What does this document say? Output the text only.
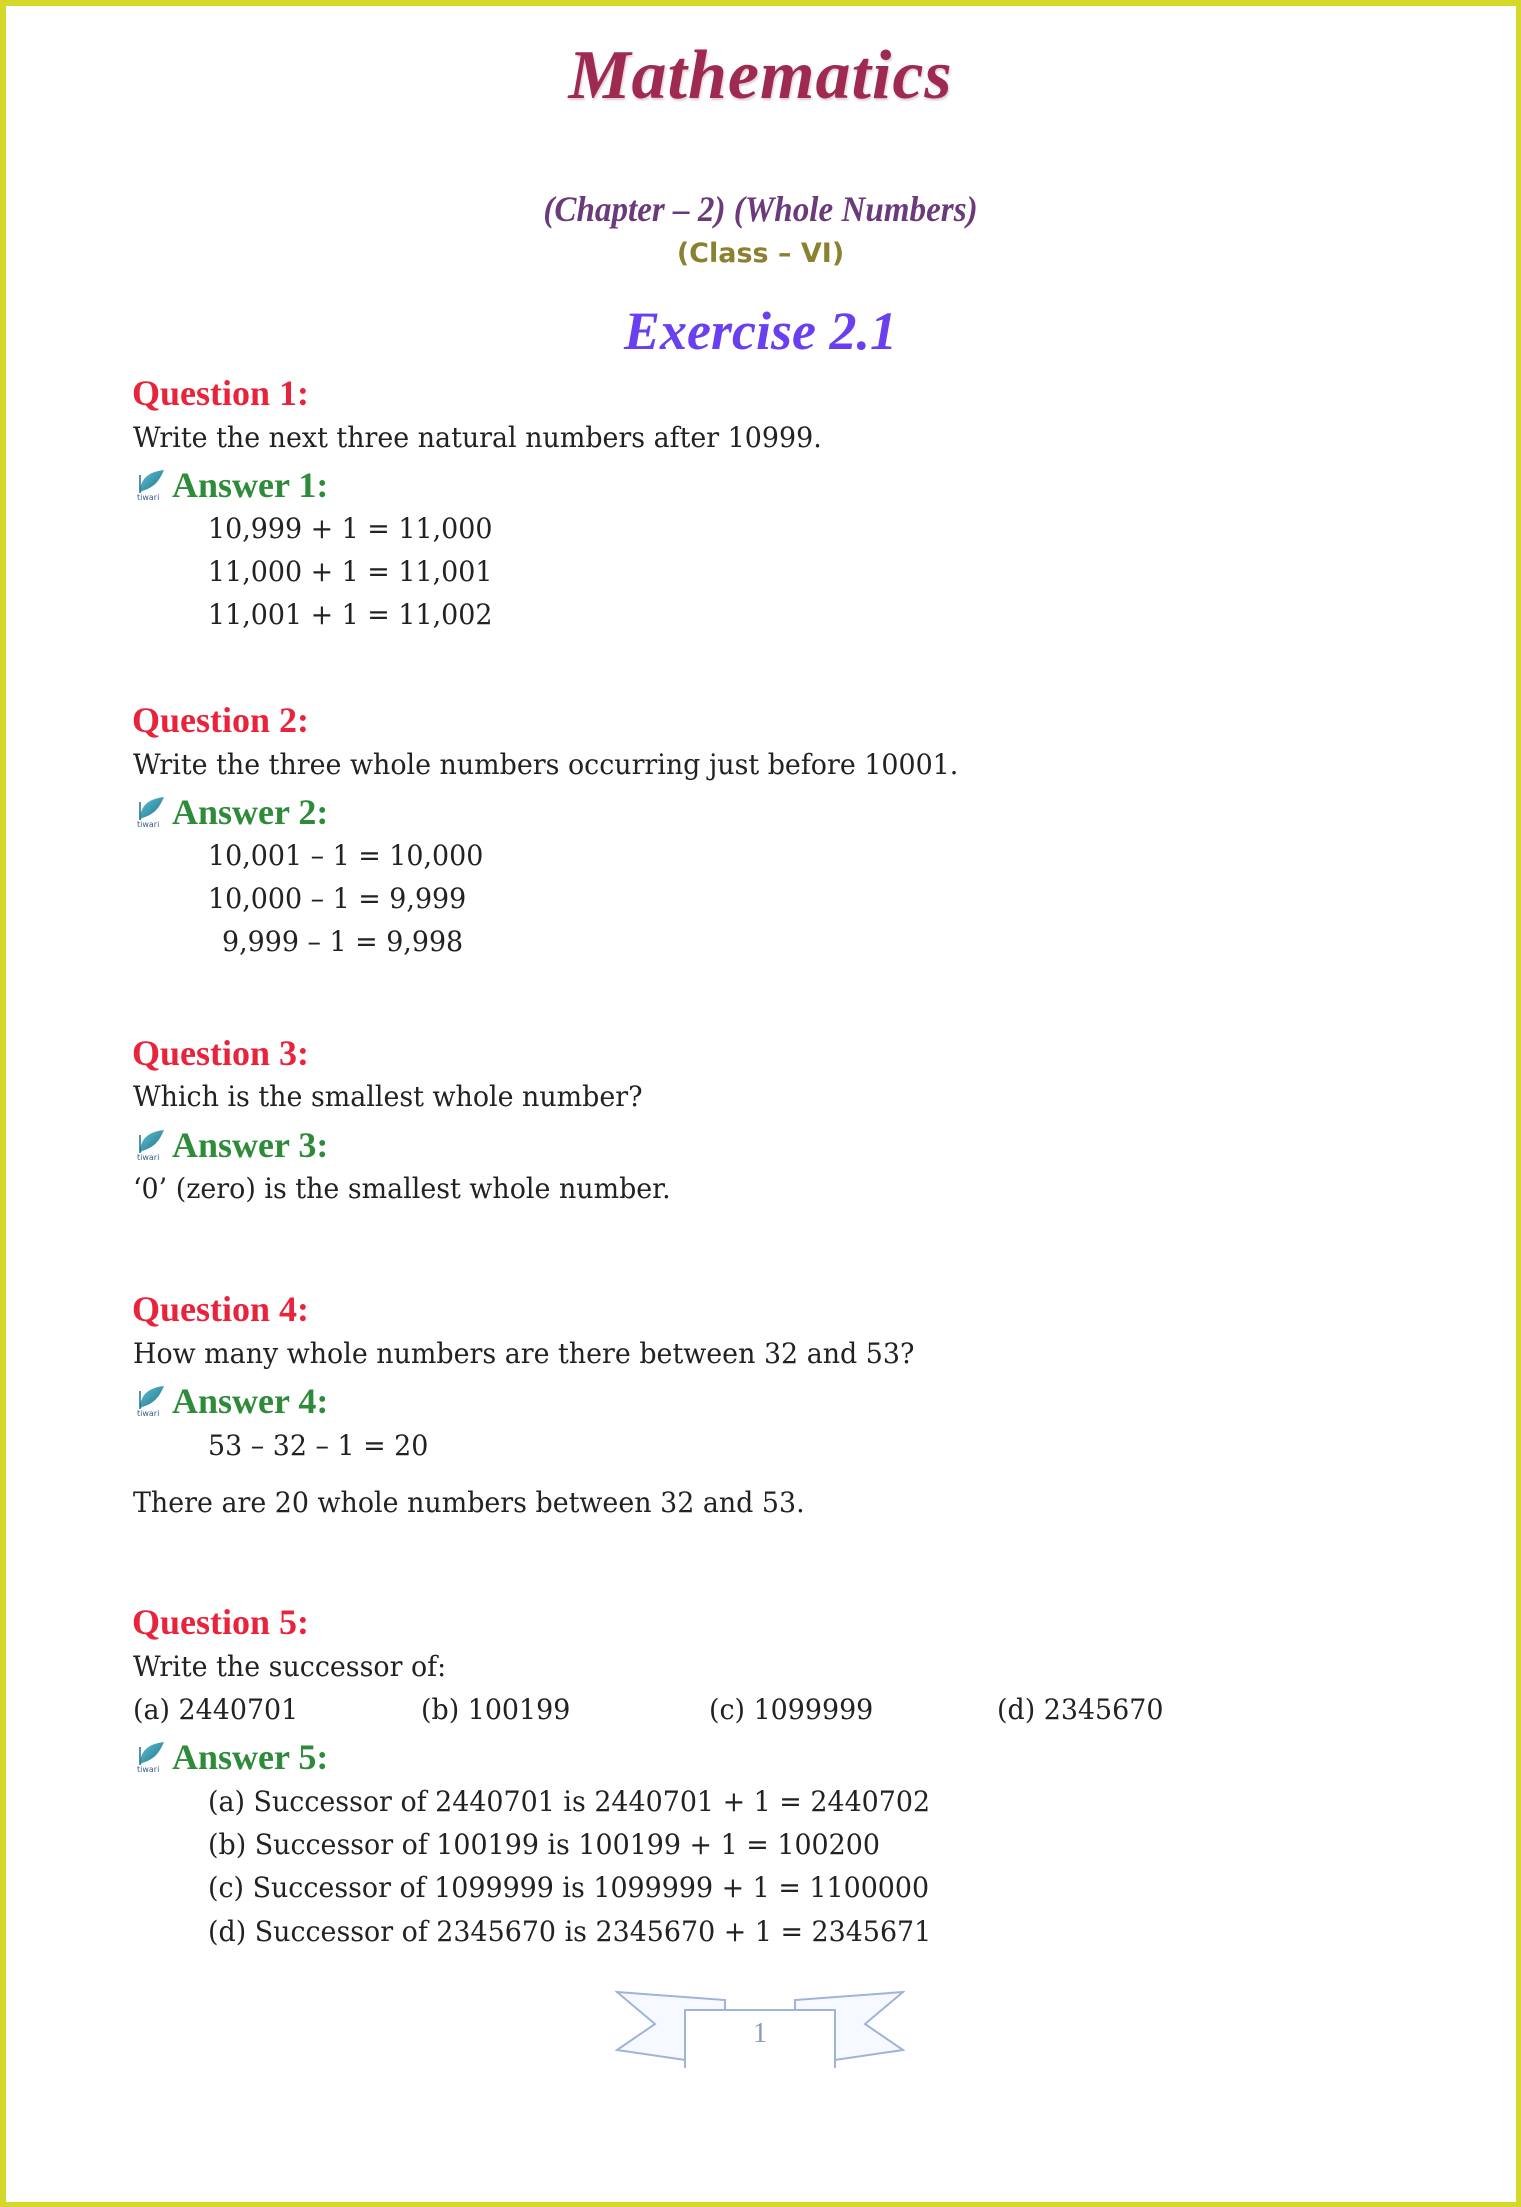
Mathematics
(Chapter – 2) (Whole Numbers)
(Class – VI)
Exercise 2.1
Question 1:
Write the next three natural numbers after 10999.
Answer 1:
10,999 + 1 = 11,000
11,000 + 1 = 11,001
11,001 + 1 = 11,002
Question 2:
Write the three whole numbers occurring just before 10001.
Answer 2:
10,001 – 1 = 10,000
10,000 – 1 = 9,999
9,999 – 1 = 9,998
Question 3:
Which is the smallest whole number?
Answer 3:
‘0’ (zero) is the smallest whole number.
Question 4:
How many whole numbers are there between 32 and 53?
Answer 4:
53 – 32 – 1 = 20
There are 20 whole numbers between 32 and 53.
Question 5:
Write the successor of:
(a) 2440701	(b) 100199	(c) 1099999	(d) 2345670
Answer 5:
(a) Successor of 2440701 is 2440701 + 1 = 2440702
(b) Successor of 100199 is 100199 + 1 = 100200
(c) Successor of 1099999 is 1099999 + 1 = 1100000
(d) Successor of 2345670 is 2345670 + 1 = 2345671
1
